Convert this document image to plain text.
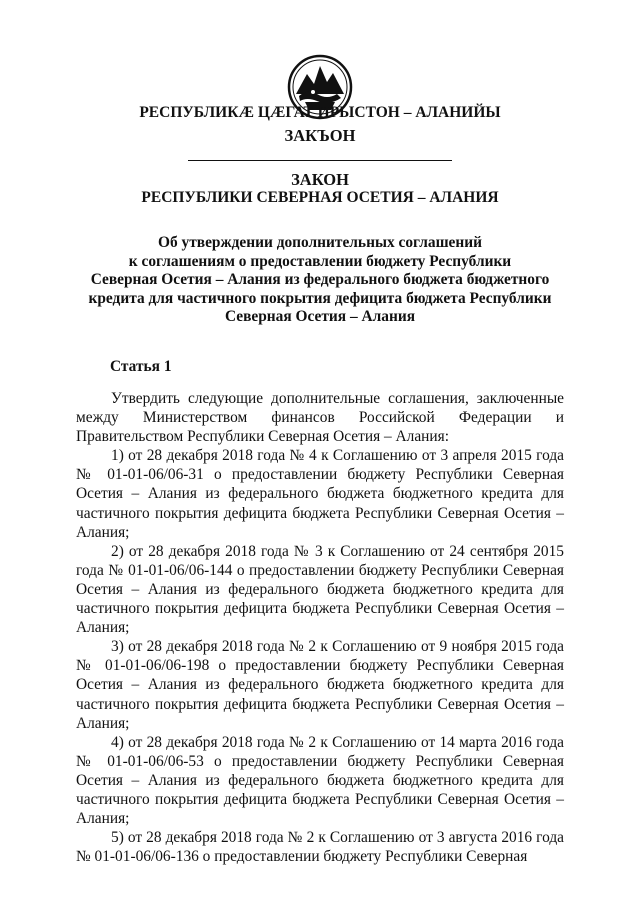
РЕСПУБЛИКӔ ЦӔГАТ ИРЫСТОН – АЛАНИЙЫ
ЗАКЪОН
ЗАКОН
РЕСПУБЛИКИ СЕВЕРНАЯ ОСЕТИЯ – АЛАНИЯ
Об утверждении дополнительных соглашений
к соглашениям о предоставлении бюджету Республики
Северная Осетия – Алания из федерального бюджета бюджетного
кредита для частичного покрытия дефицита бюджета Республики
Северная Осетия – Алания
Статья 1

Утвердить следующие дополнительные соглашения, заключенные между Министерством финансов Российской Федерации и Правительством Республики Северная Осетия – Алания:

1) от 28 декабря 2018 года № 4 к Соглашению от 3 апреля 2015 года № 01-01-06/06-31 о предоставлении бюджету Республики Северная Осетия – Алания из федерального бюджета бюджетного кредита для частичного покрытия дефицита бюджета Республики Северная Осетия – Алания;

2) от 28 декабря 2018 года № 3 к Соглашению от 24 сентября 2015 года № 01-01-06/06-144 о предоставлении бюджету Республики Северная Осетия – Алания из федерального бюджета бюджетного кредита для частичного покрытия дефицита бюджета Республики Северная Осетия – Алания;

3) от 28 декабря 2018 года № 2 к Соглашению от 9 ноября 2015 года № 01-01-06/06-198 о предоставлении бюджету Республики Северная Осетия – Алания из федерального бюджета бюджетного кредита для частичного покрытия дефицита бюджета Республики Северная Осетия – Алания;

4) от 28 декабря 2018 года № 2 к Соглашению от 14 марта 2016 года № 01-01-06/06-53 о предоставлении бюджету Республики Северная Осетия – Алания из федерального бюджета бюджетного кредита для частичного покрытия дефицита бюджета Республики Северная Осетия – Алания;

5) от 28 декабря 2018 года № 2 к Соглашению от 3 августа 2016 года № 01-01-06/06-136 о предоставлении бюджету Республики Северная
